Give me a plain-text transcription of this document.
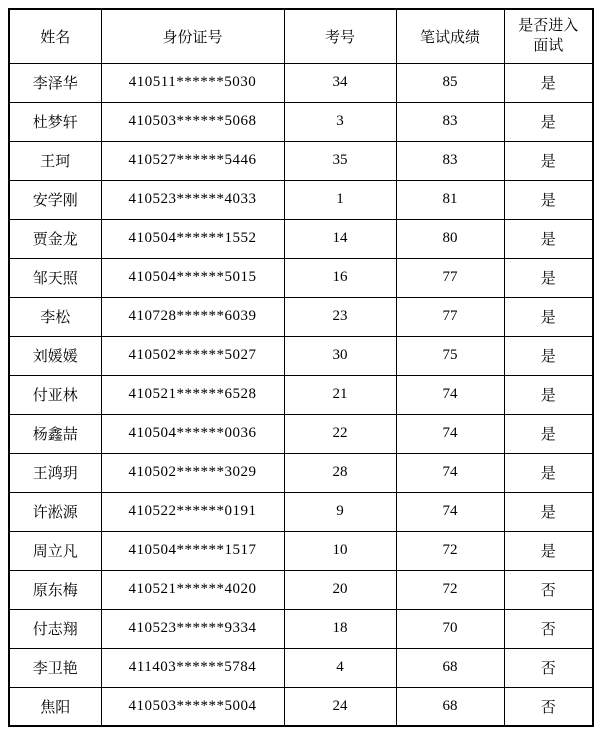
姓名	身份证号	考号	笔试成绩	是否进入
面试
李泽华	410511******5030	34	85	是
杜梦轩	410503******5068	3	83	是
王珂	410527******5446	35	83	是
安学刚	410523******4033	1	81	是
贾金龙	410504******1552	14	80	是
邹天照	410504******5015	16	77	是
李松	410728******6039	23	77	是
刘媛媛	410502******5027	30	75	是
付亚林	410521******6528	21	74	是
杨鑫喆	410504******0036	22	74	是
王鸿玥	410502******3029	28	74	是
许淞源	410522******0191	9	74	是
周立凡	410504******1517	10	72	是
原东梅	410521******4020	20	72	否
付志翔	410523******9334	18	70	否
李卫艳	411403******5784	4	68	否
焦阳	410503******5004	24	68	否
